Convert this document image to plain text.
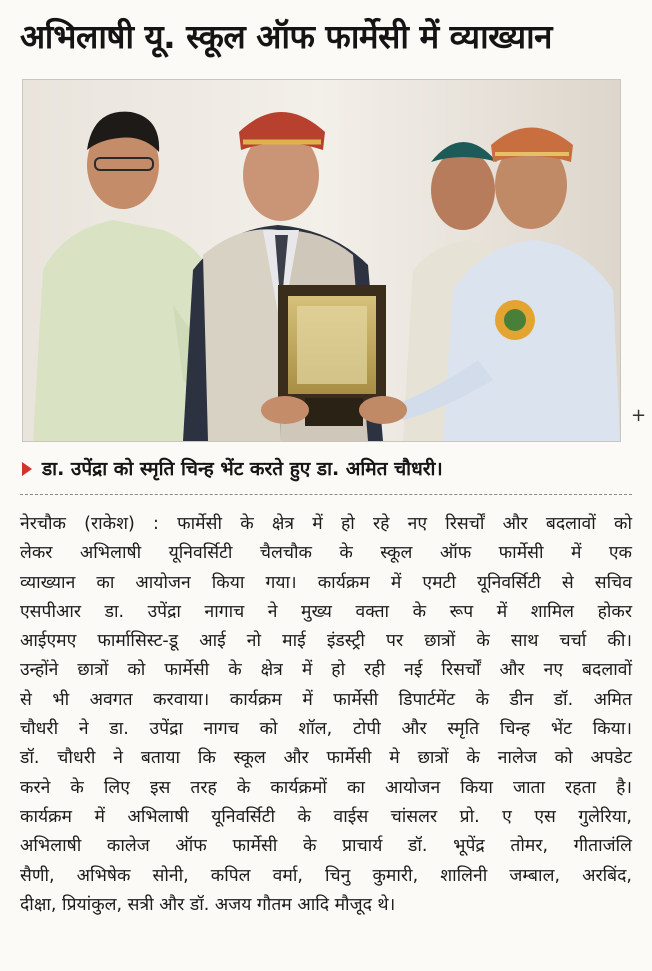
अभिलाषी यू. स्कूल ऑफ फार्मेसी में व्याख्यान
+
डा. उपेंद्रा को स्मृति चिन्ह भेंट करते हुए डा. अमित चौधरी।
नेरचौक (राकेश) : फार्मेसी के क्षेत्र में हो रहे नए रिसर्चों और बदलावों को
लेकर अभिलाषी यूनिवर्सिटी चैलचौक के स्कूल ऑफ फार्मेसी में एक
व्याख्यान का आयोजन किया गया। कार्यक्रम में एमटी यूनिवर्सिटी से सचिव
एसपीआर डा. उपेंद्रा नागाच ने मुख्य वक्ता के रूप में शामिल होकर
आईएमए फार्मासिस्ट-डू आई नो माई इंडस्ट्री पर छात्रों के साथ चर्चा की।
उन्होंने छात्रों को फार्मेसी के क्षेत्र में हो रही नई रिसर्चों और नए बदलावों
से भी अवगत करवाया। कार्यक्रम में फार्मेसी डिपार्टमेंट के डीन डॉ. अमित
चौधरी ने डा. उपेंद्रा नागच को शॉल, टोपी और स्मृति चिन्ह भेंट किया।
डॉ. चौधरी ने बताया कि स्कूल और फार्मेसी मे छात्रों के नालेज को अपडेट
करने के लिए इस तरह के कार्यक्रमों का आयोजन किया जाता रहता है।
कार्यक्रम में अभिलाषी यूनिवर्सिटी के वाईस चांसलर प्रो. ए एस गुलेरिया,
अभिलाषी कालेज ऑफ फार्मेसी के प्राचार्य डॉ. भूपेंद्र तोमर, गीताजंलि
सैणी, अभिषेक सोनी, कपिल वर्मा, चिनु कुमारी, शालिनी जम्बाल, अरबिंद,
दीक्षा, प्रियांकुल, सत्री और डॉ. अजय गौतम आदि मौजूद थे।
